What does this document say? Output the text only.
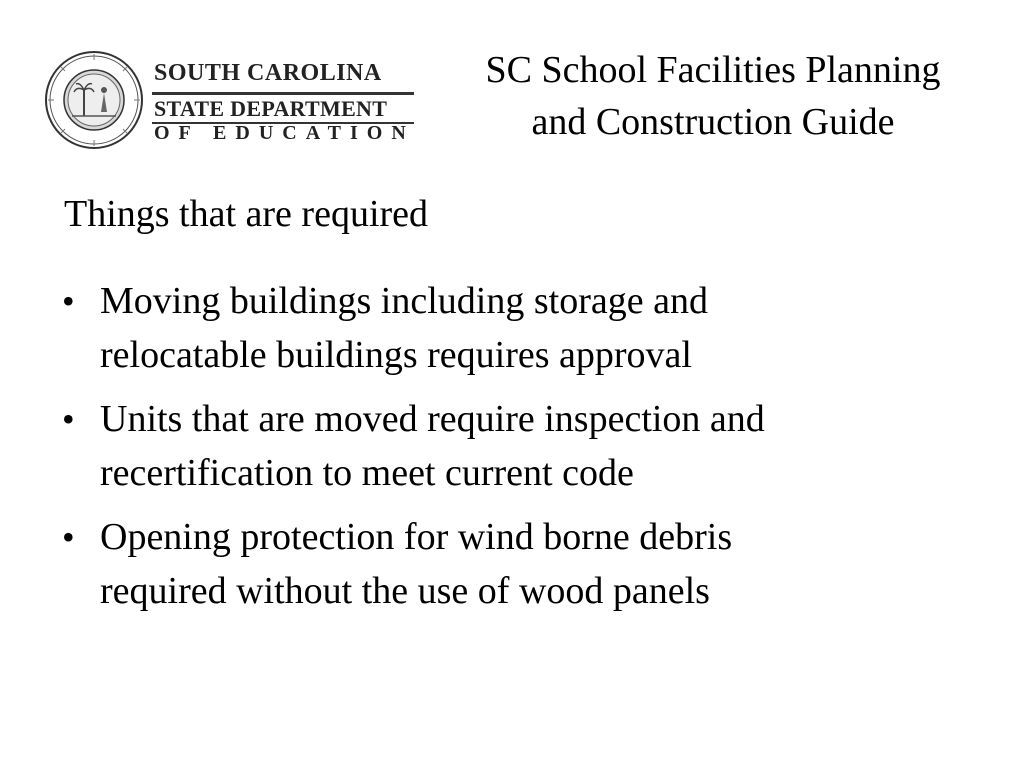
SOUTH CAROLINA
STATE DEPARTMENT
OF EDUCATION
SC School Facilities Planning
and Construction Guide
Things that are required
• Moving buildings including storage and
relocatable buildings requires approval
• Units that are moved require inspection and
recertification to meet current code
• Opening protection for wind borne debris
required without the use of wood panels
